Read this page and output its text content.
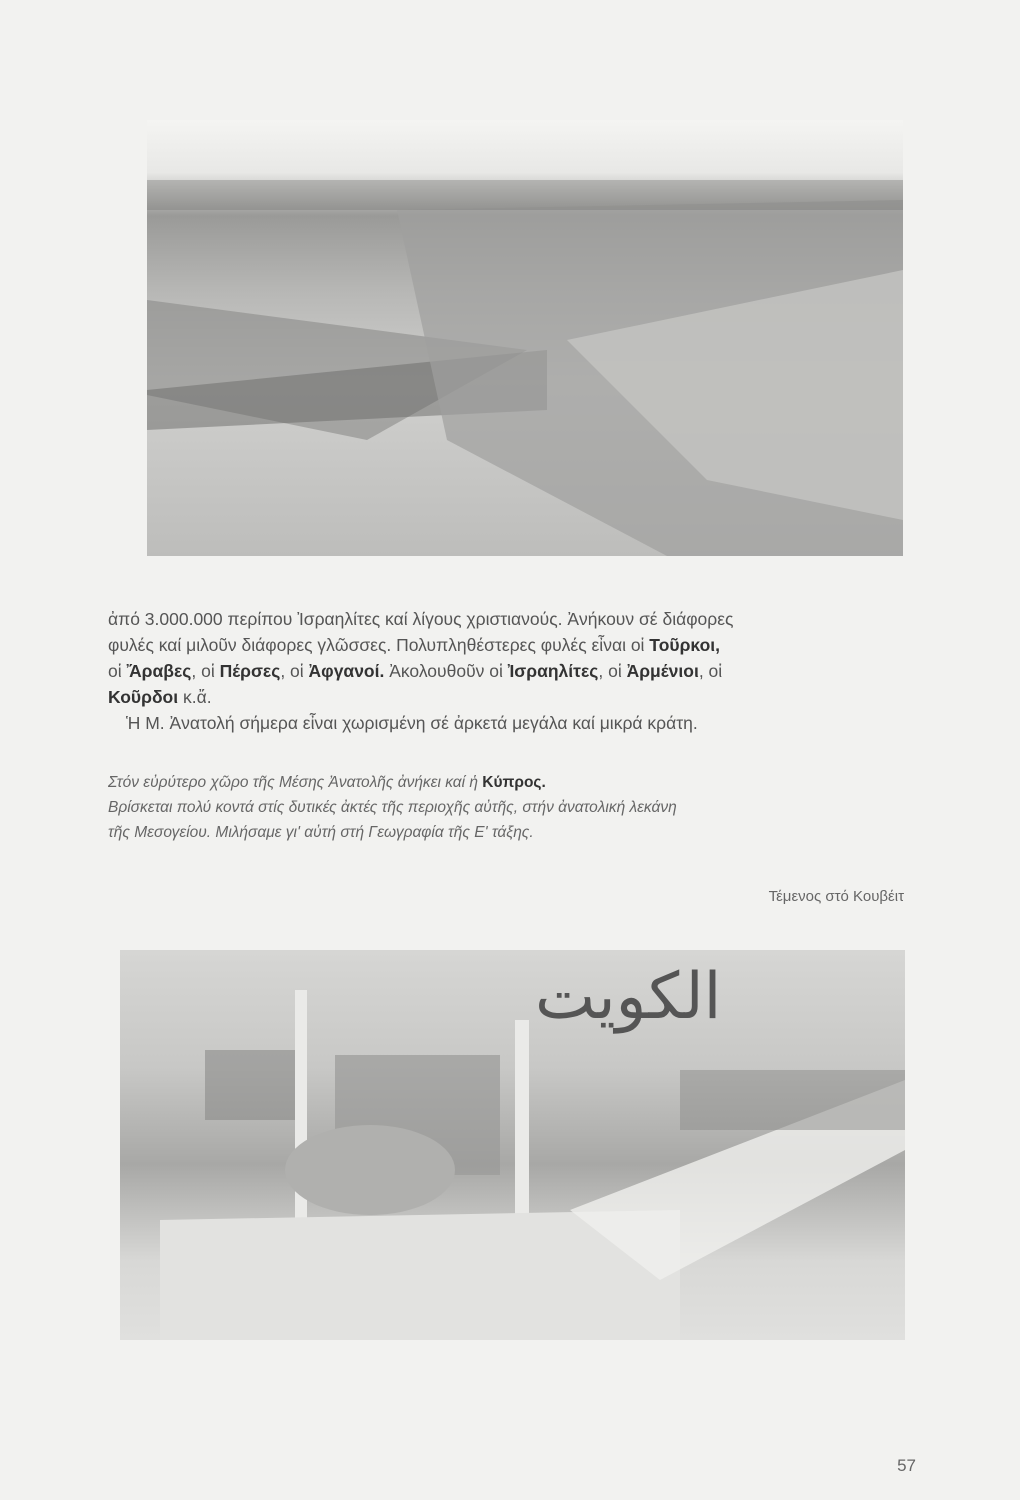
ἀπό 3.000.000 περίπου Ἰσραηλίτες καί λίγους χριστιανούς. Ἀνήκουν σέ διάφορες
φυλές καί μιλοῦν διάφορες γλῶσσες. Πολυπληθέστερες φυλές εἶναι οἱ Τοῦρκοι,
οἱ Ἄραβες, οἱ Πέρσες, οἱ Ἀφγανοί. Ἀκολουθοῦν οἱ Ἰσραηλίτες, οἱ Ἀρμένιοι, οἱ
Κοῦρδοι κ.ἄ.
Ἡ Μ. Ἀνατολή σήμερα εἶναι χωρισμένη σέ ἀρκετά μεγάλα καί μικρά κράτη.
Στόν εὐρύτερο χῶρο τῆς Μέσης Ἀνατολῆς ἀνήκει καί ἡ Κύπρος.
Βρίσκεται πολύ κοντά στίς δυτικές ἀκτές τῆς περιοχῆς αὐτῆς, στήν ἀνατολική λεκάνη
τῆς Μεσογείου. Μιλήσαμε γι' αὐτή στή Γεωγραφία τῆς Ε' τάξης.
Τέμενος στό Κουβέιτ
الكويت
57
